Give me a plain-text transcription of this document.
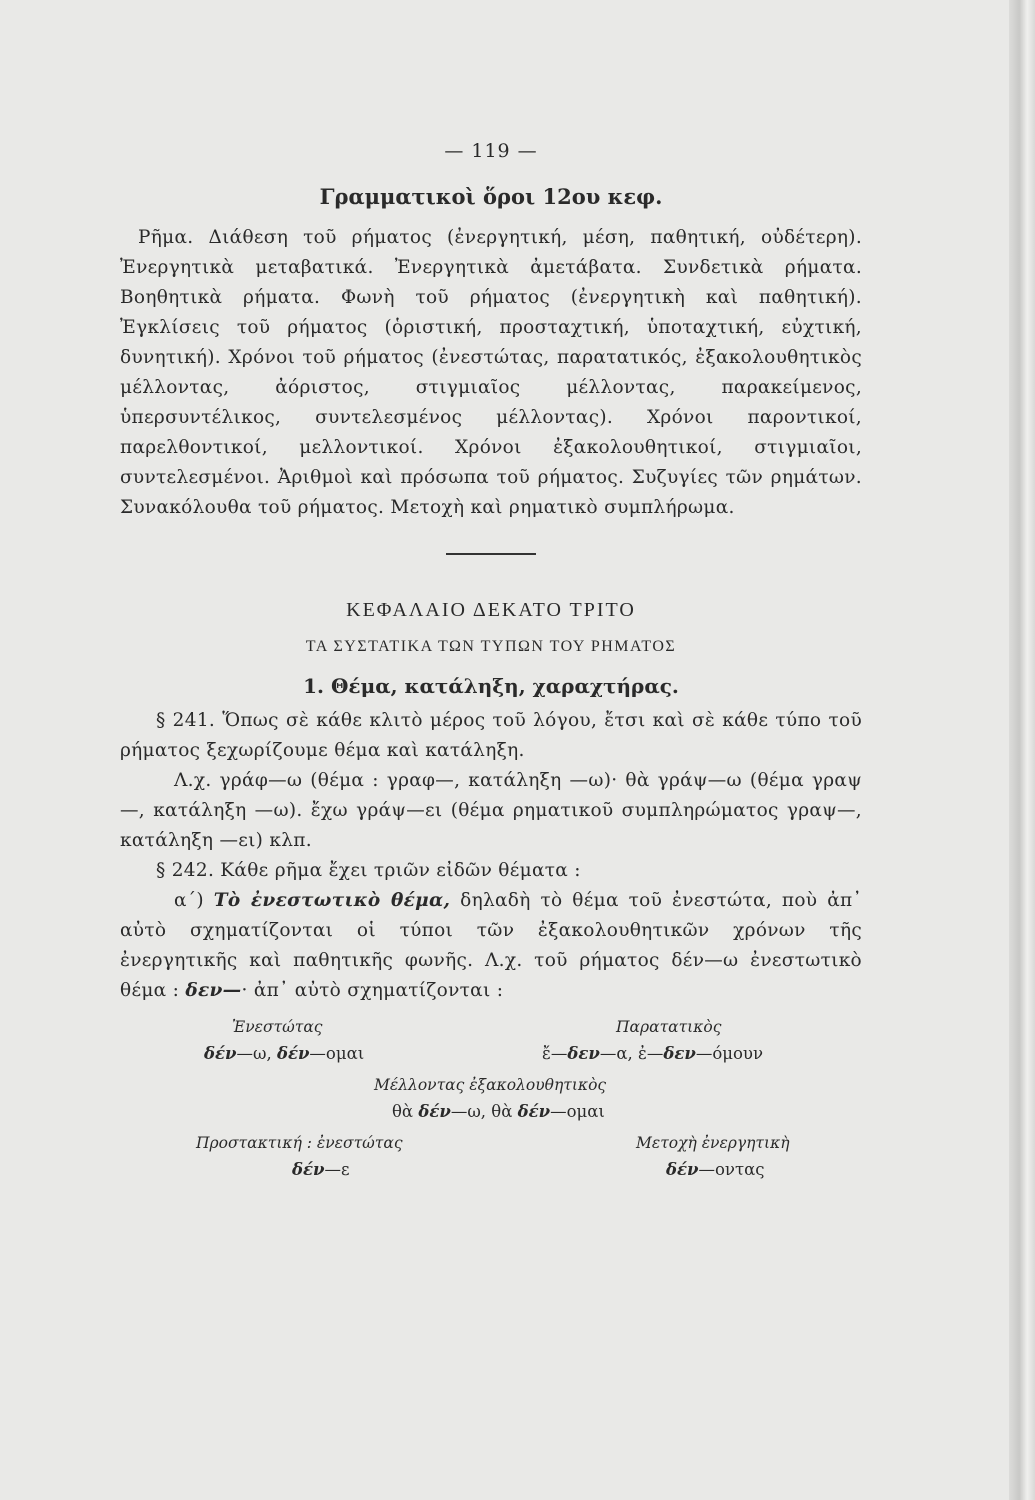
— 119 —

Γραμματικοὶ ὅροι 12ου κεφ.

Ρῆμα. Διάθεση τοῦ ρήματος (ἐνεργητική, μέση, παθητική, οὐδέτερη). Ἐνεργητικὰ μεταβατικά. Ἐνεργητικὰ ἀμετάβατα. Συνδετικὰ ρήματα. Βοηθητικὰ ρήματα. Φωνὴ τοῦ ρήματος (ἐνεργητικὴ καὶ παθητική). Ἐγκλίσεις τοῦ ρήματος (ὁριστική, προσταχτική, ὑποταχτική, εὐχτική, δυνητική). Χρόνοι τοῦ ρήματος (ἐνεστώτας, παρατατικός, ἐξακολουθητικὸς μέλλοντας, ἀόριστος, στιγμιαῖος μέλλοντας, παρακείμενος, ὑπερσυντέλικος, συντελεσμένος μέλλοντας). Χρόνοι παροντικοί, παρελθοντικοί, μελλοντικοί. Χρόνοι ἐξακολουθητικοί, στιγμιαῖοι, συντελεσμένοι. Ἀριθμοὶ καὶ πρόσωπα τοῦ ρήματος. Συζυγίες τῶν ρημάτων. Συνακόλουθα τοῦ ρήματος. Μετοχὴ καὶ ρηματικὸ συμπλήρωμα.

ΚΕΦΑΛΑΙΟ ΔΕΚΑΤΟ ΤΡΙΤΟ

ΤΑ ΣΥΣΤΑΤΙΚΑ ΤΩΝ ΤΥΠΩΝ ΤΟΥ ΡΗΜΑΤΟΣ

1. Θέμα, κατάληξη, χαραχτήρας.

§ 241. Ὅπως σὲ κάθε κλιτὸ μέρος τοῦ λόγου, ἔτσι καὶ σὲ κάθε τύπο τοῦ ρήματος ξεχωρίζουμε θέμα καὶ κατάληξη.

Λ.χ. γράφ—ω (θέμα : γραφ—, κατάληξη —ω)· θὰ γράψ—ω (θέμα γραψ—, κατάληξη —ω). ἔχω γράψ—ει (θέμα ρηματικοῦ συμπληρώματος γραψ—, κατάληξη —ει) κλπ.

§ 242. Κάθε ρῆμα ἔχει τριῶν εἰδῶν θέματα :

α΄) Τὸ ἐνεστωτικὸ θέμα, δηλαδὴ τὸ θέμα τοῦ ἐνεστώτα, ποὺ ἀπ᾿ αὐτὸ σχηματίζονται οἱ τύποι τῶν ἐξακολουθητικῶν χρόνων τῆς ἐνεργητικῆς καὶ παθητικῆς φωνῆς. Λ.χ. τοῦ ρήματος δέν—ω ἐνεστωτικὸ θέμα : δεν—· ἀπ᾿ αὐτὸ σχηματίζονται :

Ἐνεστώτας
δέν—ω, δέν—ομαι
Παρατατικὸς
ἔ—δεν—α, ἐ—δεν—όμουν
Μέλλοντας ἐξακολουθητικὸς
θὰ δέν—ω, θὰ δέν—ομαι
Προστακτική : ἐνεστώτας
δέν—ε
Μετοχὴ ἐνεργητικὴ
δέν—οντας
